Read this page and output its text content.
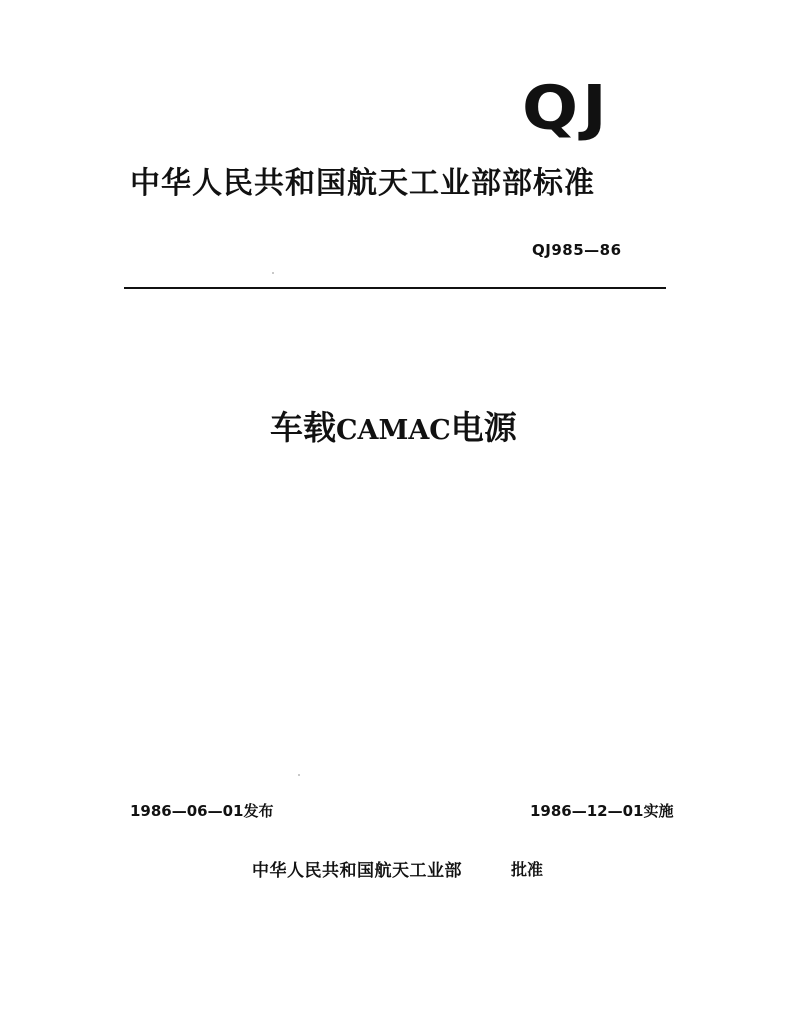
QJ
中华人民共和国航天工业部部标准
QJ985—86
车载CAMAC电源
1986—06—01发布	1986—12—01实施
中华人民共和国航天工业部	批准
